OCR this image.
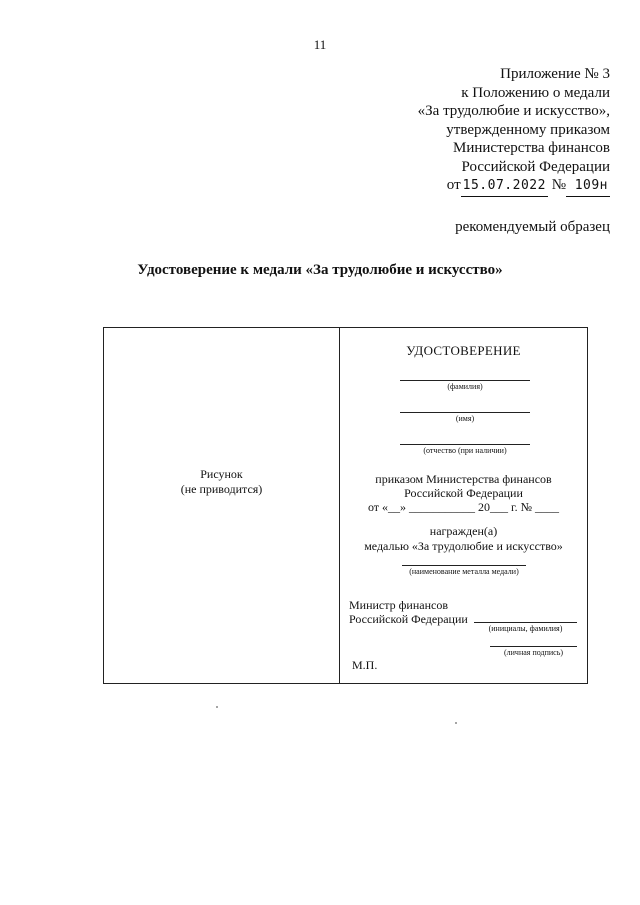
11
Приложение № 3
к Положению о медали
«За трудолюбие и искусство»,
утвержденному приказом
Министерства финансов
Российской Федерации
от 15.07.2022 № 109н
рекомендуемый образец
Удостоверение к медали «За трудолюбие и искусство»
Рисунок
(не приводится)
УДОСТОВЕРЕНИЕ
(фамилия)
(имя)
(отчество (при наличии)
приказом Министерства финансов
Российской Федерации
от «__» ___________ 20___ г. № ____
награжден(а)
медалью «За трудолюбие и искусство»
(наименование металла медали)
Министр финансов
Российской Федерации
(инициалы, фамилия)
(личная подпись)
М.П.
